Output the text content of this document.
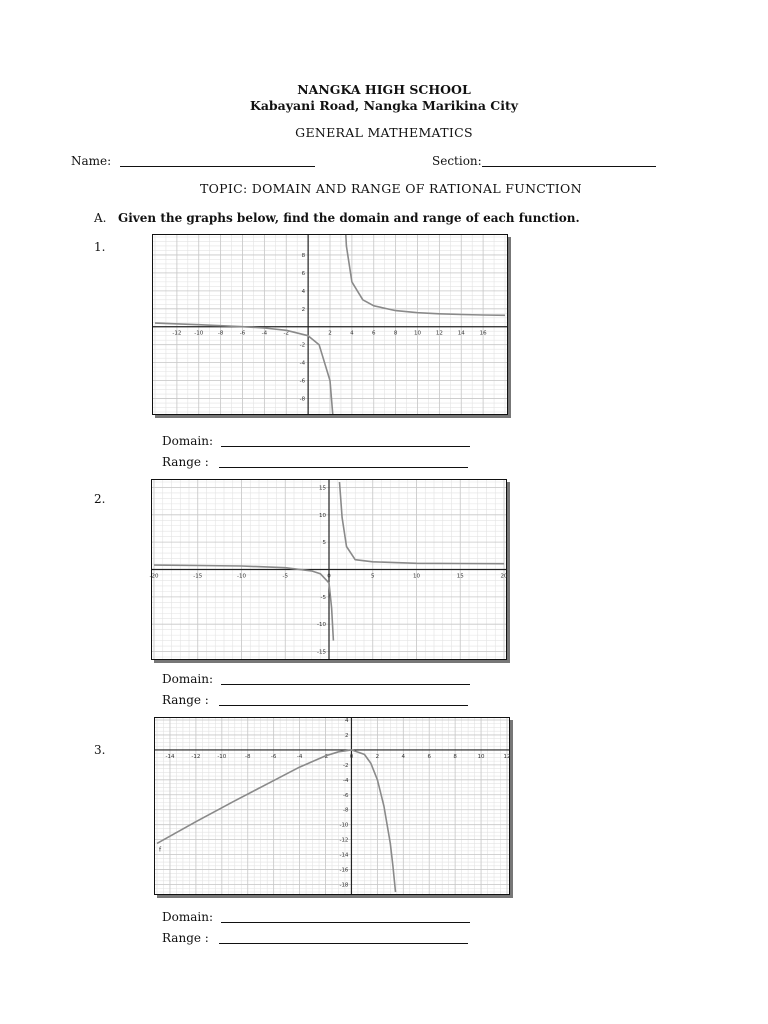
NANGKA HIGH SCHOOL
Kabayani Road, Nangka Marikina City
GENERAL MATHEMATICS
Name:	Section:
TOPIC: DOMAIN AND RANGE OF RATIONAL FUNCTION
A. Given the graphs below, find the domain and range of each function.
1.
-12 -10	-8	-6	-4	-2	2	4	6	8	10	12	14	16
8
6
4
2
-2
-4
-6
-8
Domain:
Range :
2.
-20	-15	-10	-5	0	5	10	15	20
15
10
5
-5
-10
-15
Domain:
Range :
3.	-14	-12	-10	-8	-6	-4	-2	0	2	4	6	8	10	12
4
2
-2
-4
-6
-8
-10
-12
-14
-16
-18
f
Domain:
Range :
